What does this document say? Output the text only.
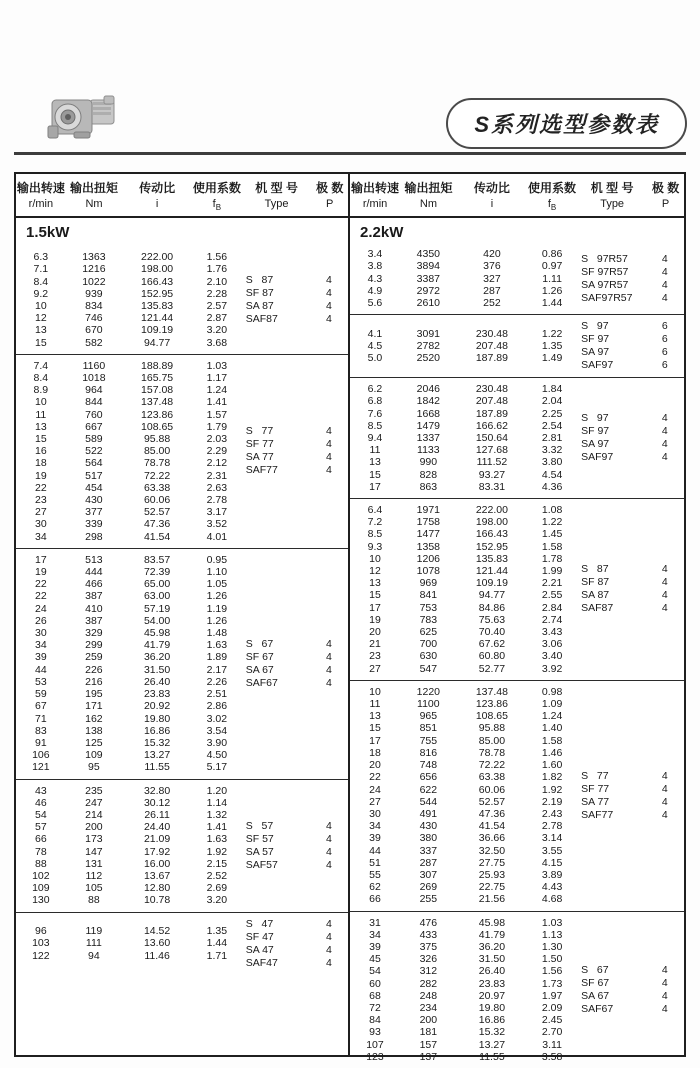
S系列选型参数表
输出转速 输出扭矩	传动比	使用系数	机 型 号	极 数
r/min	Nm	i	$f_B$	Type	P
1.5kW
6.3	1363	222.00	1.56
7.1	1216	198.00	1.76
8.4	1022	166.43	2.10
9.2	939	152.95	2.28
10	834	135.83	2.57
12	746	121.44	2.87
13	670	109.19	3.20
15	582	94.77	3.68
S   87	4
SF 87	4
SA 87	4
SAF87	4
7.4	1160	188.89	1.03
8.4	1018	165.75	1.17
8.9	964	157.08	1.24
10	844	137.48	1.41
11	760	123.86	1.57
13	667	108.65	1.79
15	589	95.88	2.03
16	522	85.00	2.29
18	564	78.78	2.12
19	517	72.22	2.31
22	454	63.38	2.63
23	430	60.06	2.78
27	377	52.57	3.17
30	339	47.36	3.52
34	298	41.54	4.01
S   77	4
SF 77	4
SA 77	4
SAF77	4
17	513	83.57	0.95
19	444	72.39	1.10
22	466	65.00	1.05
22	387	63.00	1.26
24	410	57.19	1.19
26	387	54.00	1.26
30	329	45.98	1.48
34	299	41.79	1.63
39	259	36.20	1.89
44	226	31.50	2.17
53	216	26.40	2.26
59	195	23.83	2.51
67	171	20.92	2.86
71	162	19.80	3.02
83	138	16.86	3.54
91	125	15.32	3.90
106	109	13.27	4.50
121	95	11.55	5.17
S   67	4
SF 67	4
SA 67	4
SAF67	4
43	235	32.80	1.20
46	247	30.12	1.14
54	214	26.11	1.32
57	200	24.40	1.41
66	173	21.09	1.63
78	147	17.92	1.92
88	131	16.00	2.15
102	112	13.67	2.52
109	105	12.80	2.69
130	88	10.78	3.20
S   57	4
SF 57	4
SA 57	4
SAF57	4
96	119	14.52	1.35
103	111	13.60	1.44
122	94	11.46	1.71
S   47	4
SF 47	4
SA 47	4
SAF47	4
输出转速 输出扭矩	传动比	使用系数	机 型 号	极 数
r/min	Nm	i	$f_B$	Type	P
2.2kW
3.4	4350	420	0.86
3.8	3894	376	0.97
4.3	3387	327	1.11
4.9	2972	287	1.26
5.6	2610	252	1.44
S   97R57	4
SF 97R57	4
SA 97R57	4
SAF97R57	4
4.1	3091	230.48	1.22
4.5	2782	207.48	1.35
5.0	2520	187.89	1.49
S   97	6
SF 97	6
SA 97	6
SAF97	6
6.2	2046	230.48	1.84
6.8	1842	207.48	2.04
7.6	1668	187.89	2.25
8.5	1479	166.62	2.54
9.4	1337	150.64	2.81
11	1133	127.68	3.32
13	990	111.52	3.80
15	828	93.27	4.54
17	863	83.31	4.36
S   97	4
SF 97	4
SA 97	4
SAF97	4
6.4	1971	222.00	1.08
7.2	1758	198.00	1.22
8.5	1477	166.43	1.45
9.3	1358	152.95	1.58
10	1206	135.83	1.78
12	1078	121.44	1.99
13	969	109.19	2.21
15	841	94.77	2.55
17	753	84.86	2.84
19	783	75.63	2.74
20	625	70.40	3.43
21	700	67.62	3.06
23	630	60.80	3.40
27	547	52.77	3.92
S   87	4
SF 87	4
SA 87	4
SAF87	4
10	1220	137.48	0.98
11	1100	123.86	1.09
13	965	108.65	1.24
15	851	95.88	1.40
17	755	85.00	1.58
18	816	78.78	1.46
20	748	72.22	1.60
22	656	63.38	1.82
24	622	60.06	1.92
27	544	52.57	2.19
30	491	47.36	2.43
34	430	41.54	2.78
39	380	36.66	3.14
44	337	32.50	3.55
51	287	27.75	4.15
55	307	25.93	3.89
62	269	22.75	4.43
66	255	21.56	4.68
S   77	4
SF 77	4
SA 77	4
SAF77	4
31	476	45.98	1.03
34	433	41.79	1.13
39	375	36.20	1.30
45	326	31.50	1.50
54	312	26.40	1.56
60	282	23.83	1.73
68	248	20.97	1.97
72	234	19.80	2.09
84	200	16.86	2.45
93	181	15.32	2.70
107	157	13.27	3.11
123	137	11.55	3.58
S   67	4
SF 67	4
SA 67	4
SAF67	4
